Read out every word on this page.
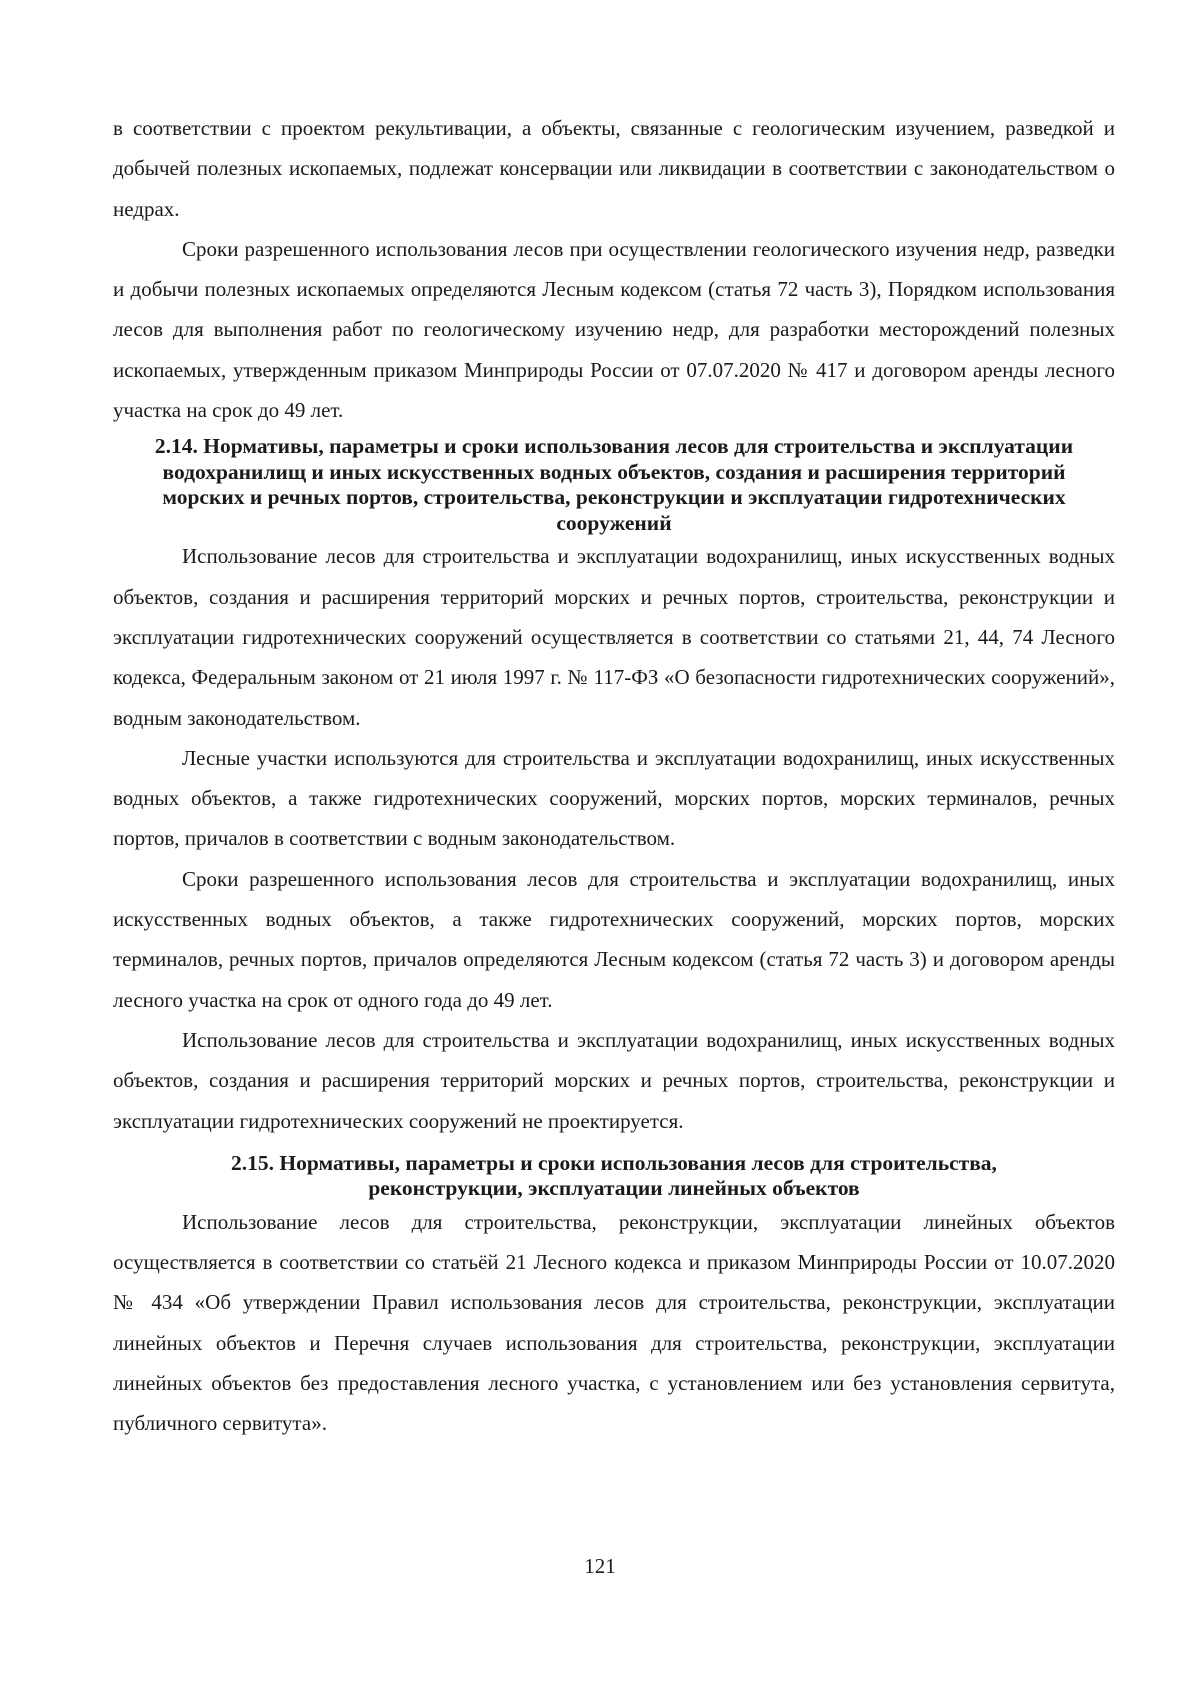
в соответствии с проектом рекультивации, а объекты, связанные с геологическим изучением, разведкой и добычей полезных ископаемых, подлежат консервации или ликвидации в соответствии с законодательством о недрах.

Сроки разрешенного использования лесов при осуществлении геологического изучения недр, разведки и добычи полезных ископаемых определяются Лесным кодексом (статья 72 часть 3), Порядком использования лесов для выполнения работ по геологическому изучению недр, для разработки месторождений полезных ископаемых, утвержденным приказом Минприроды России от 07.07.2020 № 417 и договором аренды лесного участка на срок до 49 лет.

2.14. Нормативы, параметры и сроки использования лесов для строительства и эксплуатации водохранилищ и иных искусственных водных объектов, создания и расширения территорий морских и речных портов, строительства, реконструкции и эксплуатации гидротехнических сооружений

Использование лесов для строительства и эксплуатации водохранилищ, иных искусственных водных объектов, создания и расширения территорий морских и речных портов, строительства, реконструкции и эксплуатации гидротехнических сооружений осуществляется в соответствии со статьями 21, 44, 74 Лесного кодекса, Федеральным законом от 21 июля 1997 г. № 117-ФЗ «О безопасности гидротехнических сооружений», водным законодательством.

Лесные участки используются для строительства и эксплуатации водохранилищ, иных искусственных водных объектов, а также гидротехнических сооружений, морских портов, морских терминалов, речных портов, причалов в соответствии с водным законодательством.

Сроки разрешенного использования лесов для строительства и эксплуатации водохранилищ, иных искусственных водных объектов, а также гидротехнических сооружений, морских портов, морских терминалов, речных портов, причалов определяются Лесным кодексом (статья 72 часть 3) и договором аренды лесного участка на срок от одного года до 49 лет.

Использование лесов для строительства и эксплуатации водохранилищ, иных искусственных водных объектов, создания и расширения территорий морских и речных портов, строительства, реконструкции и эксплуатации гидротехнических сооружений не проектируется.

2.15. Нормативы, параметры и сроки использования лесов для строительства, реконструкции, эксплуатации линейных объектов

Использование лесов для строительства, реконструкции, эксплуатации линейных объектов осуществляется в соответствии со статьёй 21 Лесного кодекса и приказом Минприроды России от 10.07.2020 № 434 «Об утверждении Правил использования лесов для строительства, реконструкции, эксплуатации линейных объектов и Перечня случаев использования для строительства, реконструкции, эксплуатации линейных объектов без предоставления лесного участка, с установлением или без установления сервитута, публичного сервитута».

121
